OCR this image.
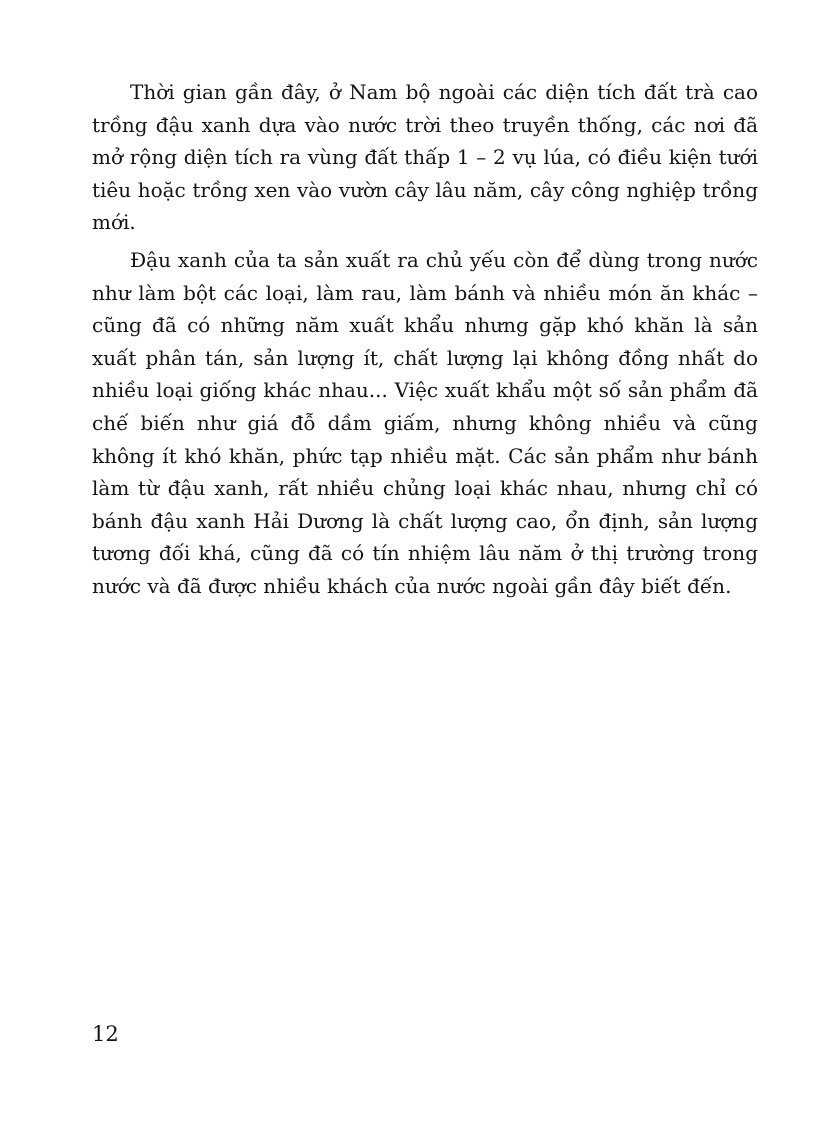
Thời gian gần đây, ở Nam bộ ngoài các diện tích đất trà cao trồng đậu xanh dựa vào nước trời theo truyền thống, các nơi đã mở rộng diện tích ra vùng đất thấp 1 – 2 vụ lúa, có điều kiện tưới tiêu hoặc trồng xen vào vườn cây lâu năm, cây công nghiệp trồng mới.

Đậu xanh của ta sản xuất ra chủ yếu còn để dùng trong nước như làm bột các loại, làm rau, làm bánh và nhiều món ăn khác – cũng đã có những năm xuất khẩu nhưng gặp khó khăn là sản xuất phân tán, sản lượng ít, chất lượng lại không đồng nhất do nhiều loại giống khác nhau... Việc xuất khẩu một số sản phẩm đã chế biến như giá đỗ dầm giấm, nhưng không nhiều và cũng không ít khó khăn, phức tạp nhiều mặt. Các sản phẩm như bánh làm từ đậu xanh, rất nhiều chủng loại khác nhau, nhưng chỉ có bánh đậu xanh Hải Dương là chất lượng cao, ổn định, sản lượng tương đối khá, cũng đã có tín nhiệm lâu năm ở thị trường trong nước và đã được nhiều khách của nước ngoài gần đây biết đến.

12
